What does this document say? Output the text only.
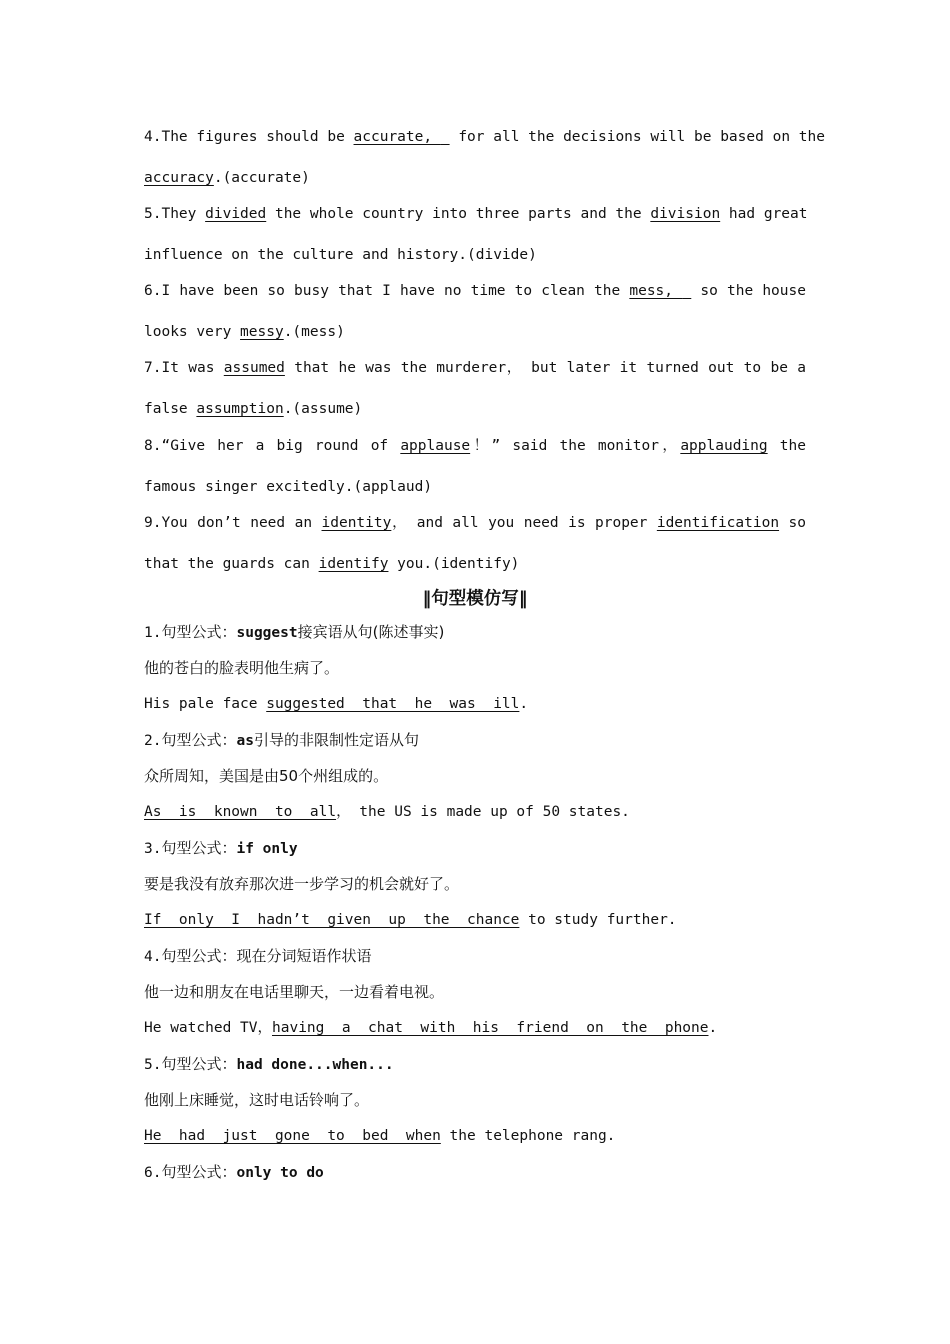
4.The figures should be accurate,   for all the decisions will be based on the
accuracy.(accurate)
5.They divided the whole country into three parts and the division had great
influence on the culture and history.(divide)
6.I have been so busy that I have no time to clean the mess,   so the house
looks very messy.(mess)
7.It was assumed that he was the murderer， but later it turned out to be a
false assumption.(assume)
8.“Give her a big round of applause！” said the monitor，applauding the
famous singer excitedly.(applaud)
9.You don’t need an identity， and all you need is proper identification so
that the guards can identify you.(identify)
‖句型模仿写‖
1.句型公式：suggest接宾语从句(陈述事实)
他的苍白的脸表明他生病了。
His pale face suggested  that  he  was  ill.
2.句型公式：as引导的非限制性定语从句
众所周知，美国是由50个州组成的。
As  is  known  to  all， the US is made up of 50 states.
3.句型公式：if only
要是我没有放弃那次进一步学习的机会就好了。
If  only  I  hadn’t  given  up  the  chance to study further.
4.句型公式：现在分词短语作状语
他一边和朋友在电话里聊天，一边看着电视。
He watched TV，having  a  chat  with  his  friend  on  the  phone.
5.句型公式：had done...when...
他刚上床睡觉，这时电话铃响了。
He  had  just  gone  to  bed  when the telephone rang.
6.句型公式：only to do
